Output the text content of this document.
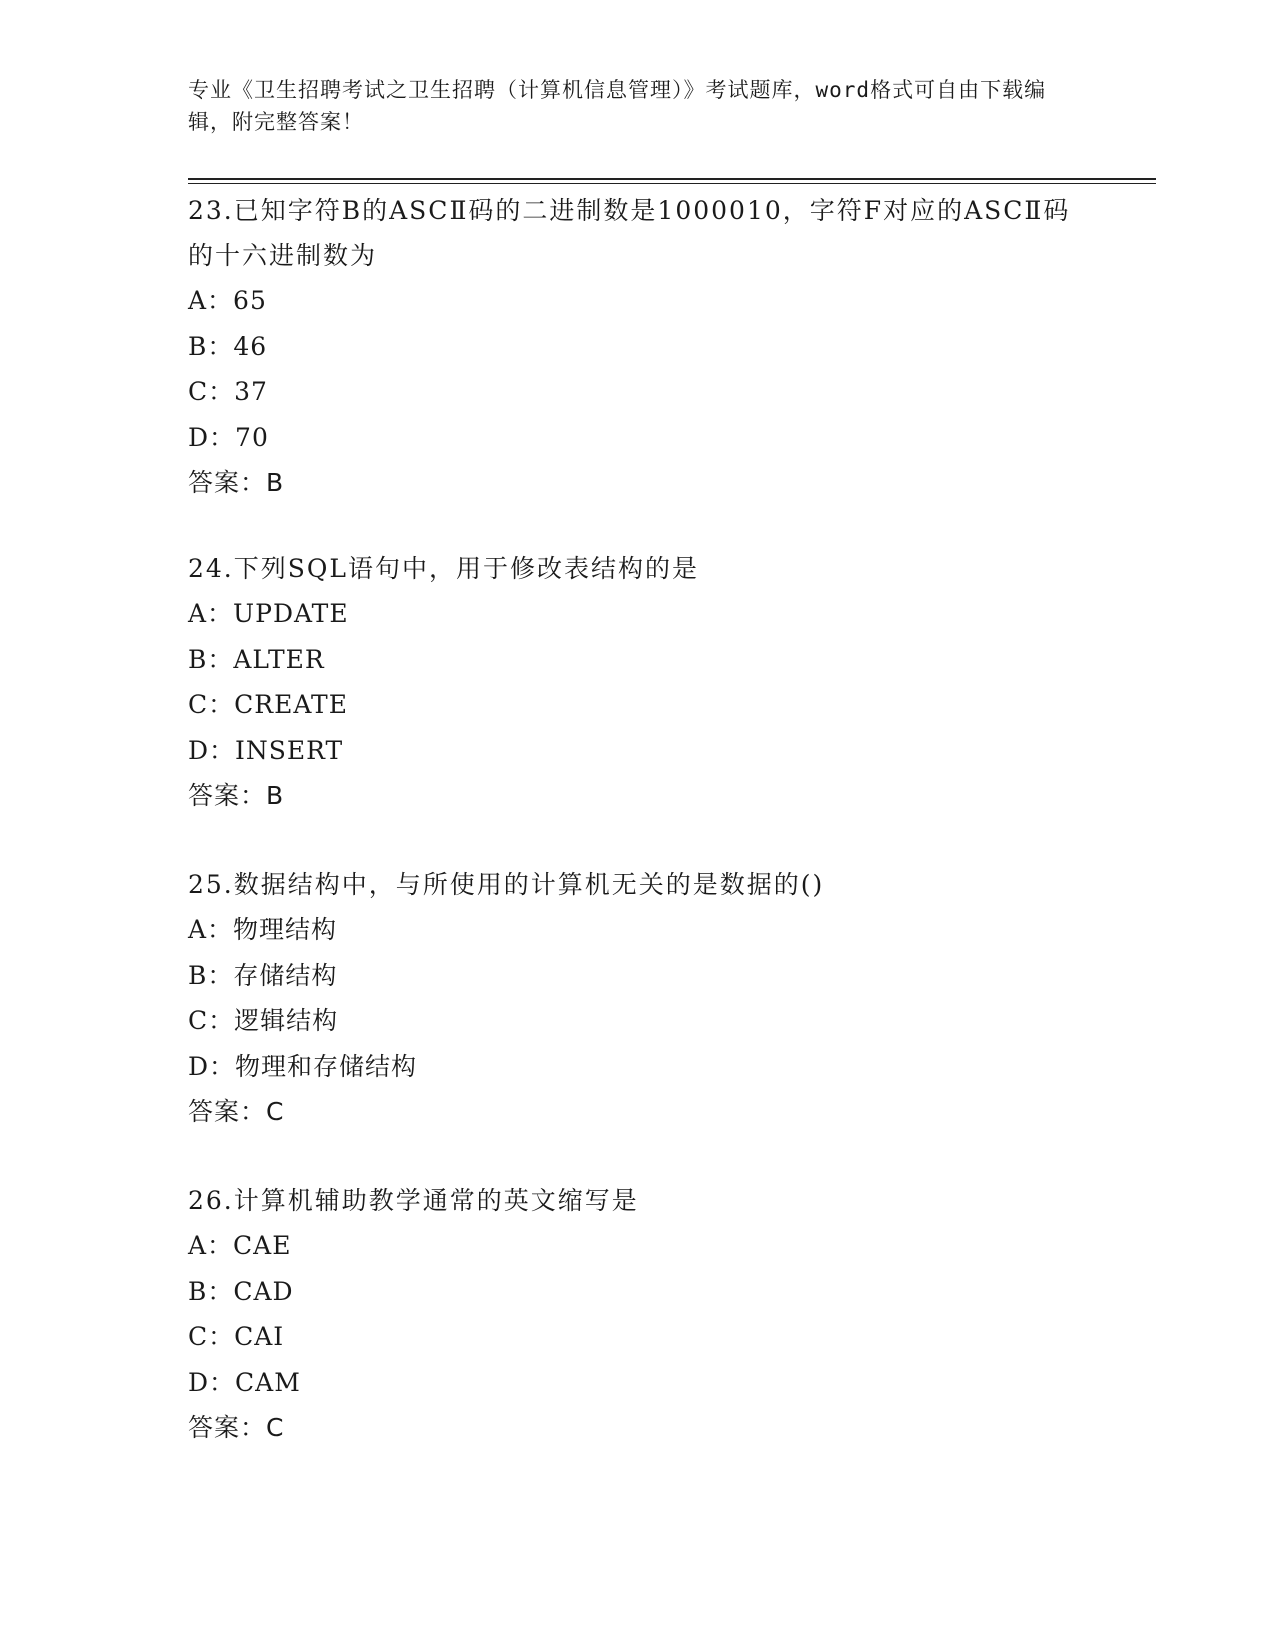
专业《卫生招聘考试之卫生招聘（计算机信息管理）》考试题库，word格式可自由下载编辑，附完整答案！

23.已知字符B的ASCⅡ码的二进制数是1000010，字符F对应的ASCⅡ码的十六进制数为

A：65

B：46

C：37

D：70

答案：B

24.下列SQL语句中，用于修改表结构的是

A：UPDATE

B：ALTER

C：CREATE

D：INSERT

答案：B

25.数据结构中，与所使用的计算机无关的是数据的()

A：物理结构

B：存储结构

C：逻辑结构

D：物理和存储结构

答案：C

26.计算机辅助教学通常的英文缩写是

A：CAE

B：CAD

C：CAI

D：CAM

答案：C
